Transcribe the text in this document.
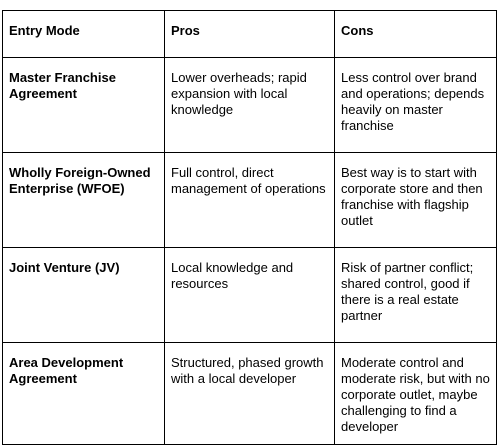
Entry Mode	Pros	Cons
Master Franchise Agreement	Lower overheads; rapid expansion with local knowledge	Less control over brand and operations; depends heavily on master franchise
Wholly Foreign-Owned Enterprise (WFOE)	Full control, direct management of operations	Best way is to start with corporate store and then franchise with flagship outlet
Joint Venture (JV)	Local knowledge and resources	Risk of partner conflict; shared control, good if there is a real estate partner
Area Development Agreement	Structured, phased growth with a local developer	Moderate control and moderate risk, but with no corporate outlet, maybe challenging to find a developer
